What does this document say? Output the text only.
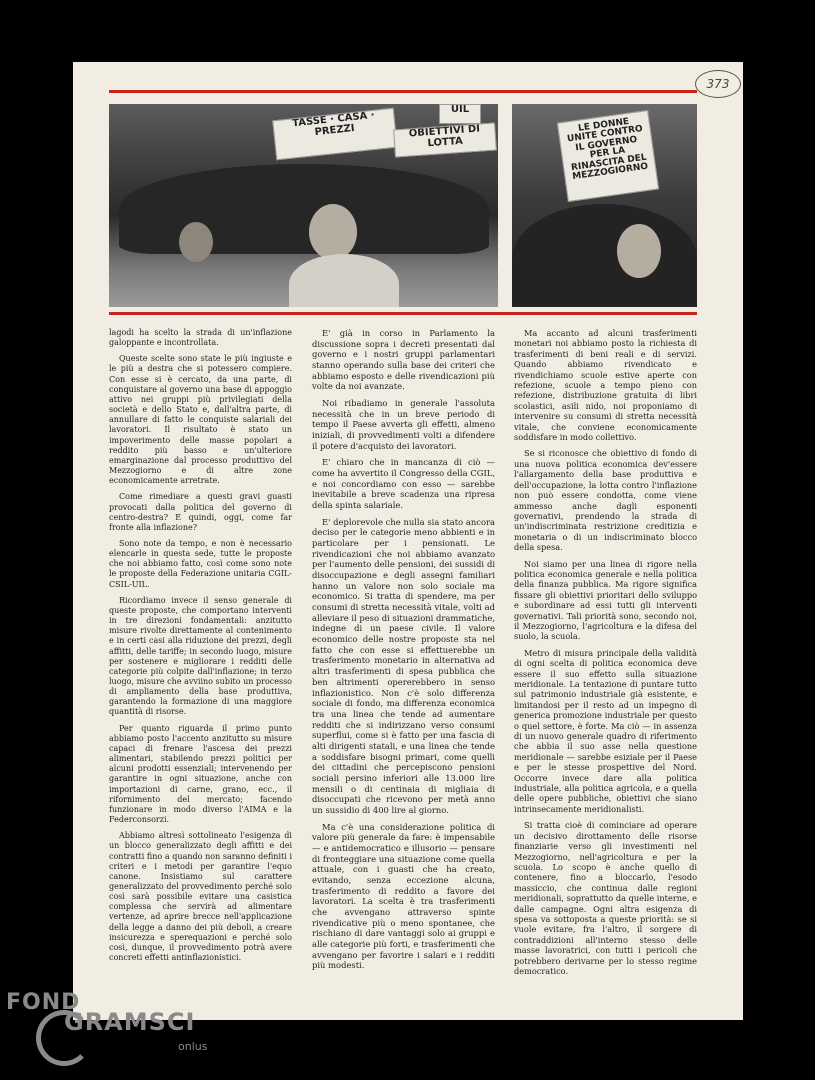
373
TASSE · CASA · PREZZI	OBIETTIVI DI LOTTA
UIL
LE DONNE UNITE CONTRO IL GOVERNO PER LA RINASCITA DEL MEZZOGIORNO

lagodi ha scelto la strada di un'inflazione galoppante e incontrollata.

Queste scelte sono state le più ingiuste e le più a destra che si potessero compiere. Con esse si è cercato, da una parte, di conquistare al governo una base di appoggio attivo nei gruppi più privilegiati della società e dello Stato e, dall'altra parte, di annullare di fatto le conquiste salariali dei lavoratori. Il risultato è stato un impoverimento delle masse popolari a reddito più basso e un'ulteriore emarginazione dal processo produttivo del Mezzogiorno e di altre zone economicamente arretrate.

Come rimediare a questi gravi guasti provocati dalla politica del governo di centro-destra? E quindi, oggi, come far fronte alla inflazione?

Sono note da tempo, e non è necessario elencarle in questa sede, tutte le proposte che noi abbiamo fatto, così come sono note le proposte della Federazione unitaria CGIL-CSIL-UIL.

Ricordiamo invece il senso generale di queste proposte, che comportano interventi in tre direzioni fondamentali: anzitutto misure rivolte direttamente al contenimento e in certi casi alla riduzione dei prezzi, degli affitti, delle tariffe; in secondo luogo, misure per sostenere e migliorare i redditi delle categorie più colpite dall'inflazione; in terzo luogo, misure che avviino subito un processo di ampliamento della base produttiva, garantendo la formazione di una maggiore quantità di risorse.

Per quanto riguarda il primo punto abbiamo posto l'accento anzitutto su misure capaci di frenare l'ascesa dei prezzi alimentari, stabilendo prezzi politici per alcuni prodotti essenziali; intervenendo per garantire in ogni situazione, anche con importazioni di carne, grano, ecc., il rifornimento del mercato; facendo funzionare in modo diverso l'AIMA e la Federconsorzi.

Abbiamo altresì sottolineato l'esigenza di un blocco generalizzato degli affitti e dei contratti fino a quando non saranno definiti i criteri e i metodi per garantire l'equo canone. Insistiamo sul carattere generalizzato del provvedimento perché solo così sarà possibile evitare una casistica complessa che servirà ad alimentare vertenze, ad aprire brecce nell'applicazione della legge a danno dei più deboli, a creare insicurezza e sperequazioni e perché solo così, dunque, il provvedimento potrà avere concreti effetti antinflazionistici.

E' già in corso in Parlamento la discussione sopra i decreti presentati dal governo e i nostri gruppi parlamentari stanno operando sulla base dei criteri che abbiamo esposto e delle rivendicazioni più volte da noi avanzate.

Noi ribadiamo in generale l'assoluta necessità che in un breve periodo di tempo il Paese avverta gli effetti, almeno iniziali, di provvedimenti volti a difendere il potere d'acquisto dei lavoratori.

E' chiaro che in mancanza di ciò — come ha avvertito il Congresso della CGIL, e noi concordiamo con esso — sarebbe inevitabile a breve scadenza una ripresa della spinta salariale.

E' deplorevole che nulla sia stato ancora deciso per le categorie meno abbienti e in particolare per i pensionati. Le rivendicazioni che noi abbiamo avanzato per l'aumento delle pensioni, dei sussidi di disoccupazione e degli assegni familiari hanno un valore non solo sociale ma economico. Si tratta di spendere, ma per consumi di stretta necessità vitale, volti ad alleviare il peso di situazioni drammatiche, indegne di un paese civile. Il valore economico delle nostre proposte sta nel fatto che con esse si effettuerebbe un trasferimento monetario in alternativa ad altri trasferimenti di spesa pubblica che ben altrimenti opererebbero in senso inflazionistico. Non c'è solo differenza sociale di fondo, ma differenza economica tra una linea che tende ad aumentare redditi che si indirizzano verso consumi superflui, come si è fatto per una fascia di alti dirigenti statali, e una linea che tende a soddisfare bisogni primari, come quelli dei cittadini che percepiscono pensioni sociali persino inferiori alle 13.000 lire mensili o di centinaia di migliaia di disoccupati che ricevono per metà anno un sussidio di 400 lire al giorno.

Ma c'è una considerazione politica di valore più generale da fare: è impensabile — e antidemocratico e illusorio — pensare di fronteggiare una situazione come quella attuale, con i guasti che ha creato, evitando, senza eccezione alcuna, trasferimento di reddito a favore dei lavoratori. La scelta è tra trasferimenti che avvengano attraverso spinte rivendicative più o meno spontanee, che rischiano di dare vantaggi solo ai gruppi e alle categorie più forti, e trasferimenti che avvengano per favorire i salari e i redditi più modesti.

Ma accanto ad alcuni trasferimenti monetari noi abbiamo posto la richiesta di trasferimenti di beni reali e di servizi. Quando abbiamo rivendicato e rivendichiamo scuole estive aperte con refezione, scuole a tempo pieno con refezione, distribuzione gratuita di libri scolastici, asili nido, noi proponiamo di intervenire su consumi di stretta necessità vitale, che conviene economicamente soddisfare in modo collettivo.

Se si riconosce che obiettivo di fondo di una nuova politica economica dev'essere l'allargamento della base produttiva e dell'occupazione, la lotta contro l'inflazione non può essere condotta, come viene ammesso anche dagli esponenti governativi, prendendo la strada di un'indiscriminata restrizione creditizia e monetaria o di un indiscriminato blocco della spesa.

Noi siamo per una linea di rigore nella politica economica generale e nella politica della finanza pubblica. Ma rigore significa fissare gli obiettivi prioritari dello sviluppo e subordinare ad essi tutti gli interventi governativi. Tali priorità sono, secondo noi, il Mezzogiorno, l'agricoltura e la difesa del suolo, la scuola.

Metro di misura principale della validità di ogni scelta di politica economica deve essere il suo effetto sulla situazione meridionale. La tentazione di puntare tutto sul patrimonio industriale già esistente, e limitandosi per il resto ad un impegno di generica promozione industriale per questo o quel settore, è forte. Ma ciò — in assenza di un nuovo generale quadro di riferimento che abbia il suo asse nella questione meridionale — sarebbe esiziale per il Paese e per le stesse prospettive del Nord. Occorre invece dare alla politica industriale, alla politica agricola, e a quella delle opere pubbliche, obiettivi che siano intrinsecamente meridionalisti.

Si tratta cioè di cominciare ad operare un decisivo dirottamento delle risorse finanziarie verso gli investimenti nel Mezzogiorno, nell'agricoltura e per la scuola. Lo scopo è anche quello di contenere, fino a bloccarlo, l'esodo massiccio, che continua dalle regioni meridionali, soprattutto da quelle interne, e dalle campagne. Ogni altra esigenza di spesa va sottoposta a queste priorità: se si vuole evitare, fra l'altro, il sorgere di contraddizioni all'interno stesso delle masse lavoratrici, con tutti i pericoli che potrebbero derivarne per lo stesso regime democratico.

FOND
GRAMSCI
onlus
